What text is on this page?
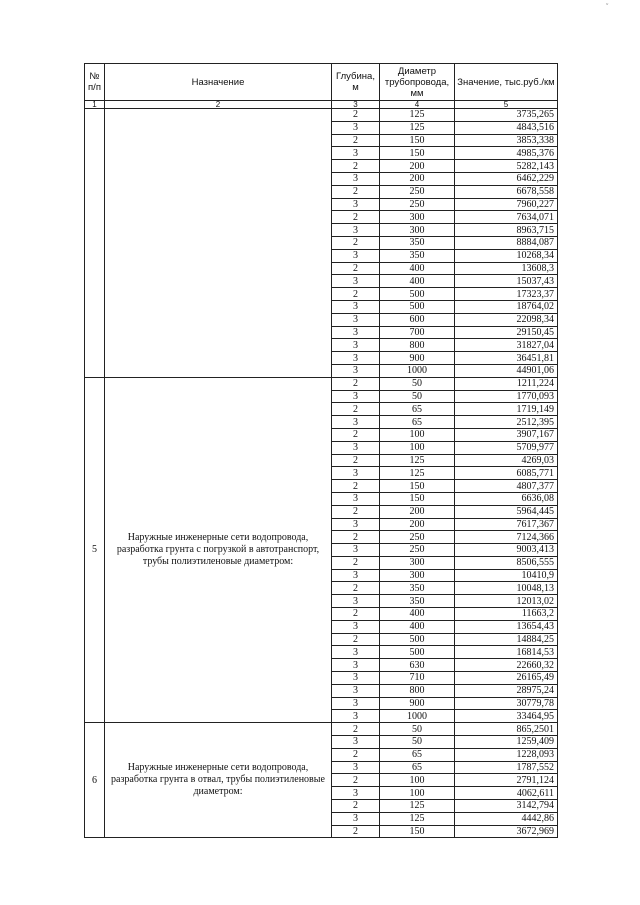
ˇ
№ п/п	Назначение	Глубина, м	Диаметр трубопровода, мм	Значение, тыс.руб./км
1	2	3	4	5
		2	125	3735,265
		3	125	4843,516
		2	150	3853,338
		3	150	4985,376
		2	200	5282,143
		3	200	6462,229
		2	250	6678,558
		3	250	7960,227
		2	300	7634,071
		3	300	8963,715
		2	350	8884,087
		3	350	10268,34
		2	400	13608,3
		3	400	15037,43
		2	500	17323,37
		3	500	18764,02
		3	600	22098,34
		3	700	29150,45
		3	800	31827,04
		3	900	36451,81
		3	1000	44901,06
5	Наружные инженерные сети водопровода, разработка грунта с погрузкой в автотранспорт, трубы полиэтиленовые диаметром:	2	50	1211,224
		3	50	1770,093
		2	65	1719,149
		3	65	2512,395
		2	100	3907,167
		3	100	5709,977
		2	125	4269,03
		3	125	6085,771
		2	150	4807,377
		3	150	6636,08
		2	200	5964,445
		3	200	7617,367
		2	250	7124,366
		3	250	9003,413
		2	300	8506,555
		3	300	10410,9
		2	350	10048,13
		3	350	12013,02
		2	400	11663,2
		3	400	13654,43
		2	500	14884,25
		3	500	16814,53
		3	630	22660,32
		3	710	26165,49
		3	800	28975,24
		3	900	30779,78
		3	1000	33464,95
6	Наружные инженерные сети водопровода, разработка грунта в отвал, трубы полиэтиленовые диаметром:	2	50	865,2501
		3	50	1259,409
		2	65	1228,093
		3	65	1787,552
		2	100	2791,124
		3	100	4062,611
		2	125	3142,794
		3	125	4442,86
		2	150	3672,969
